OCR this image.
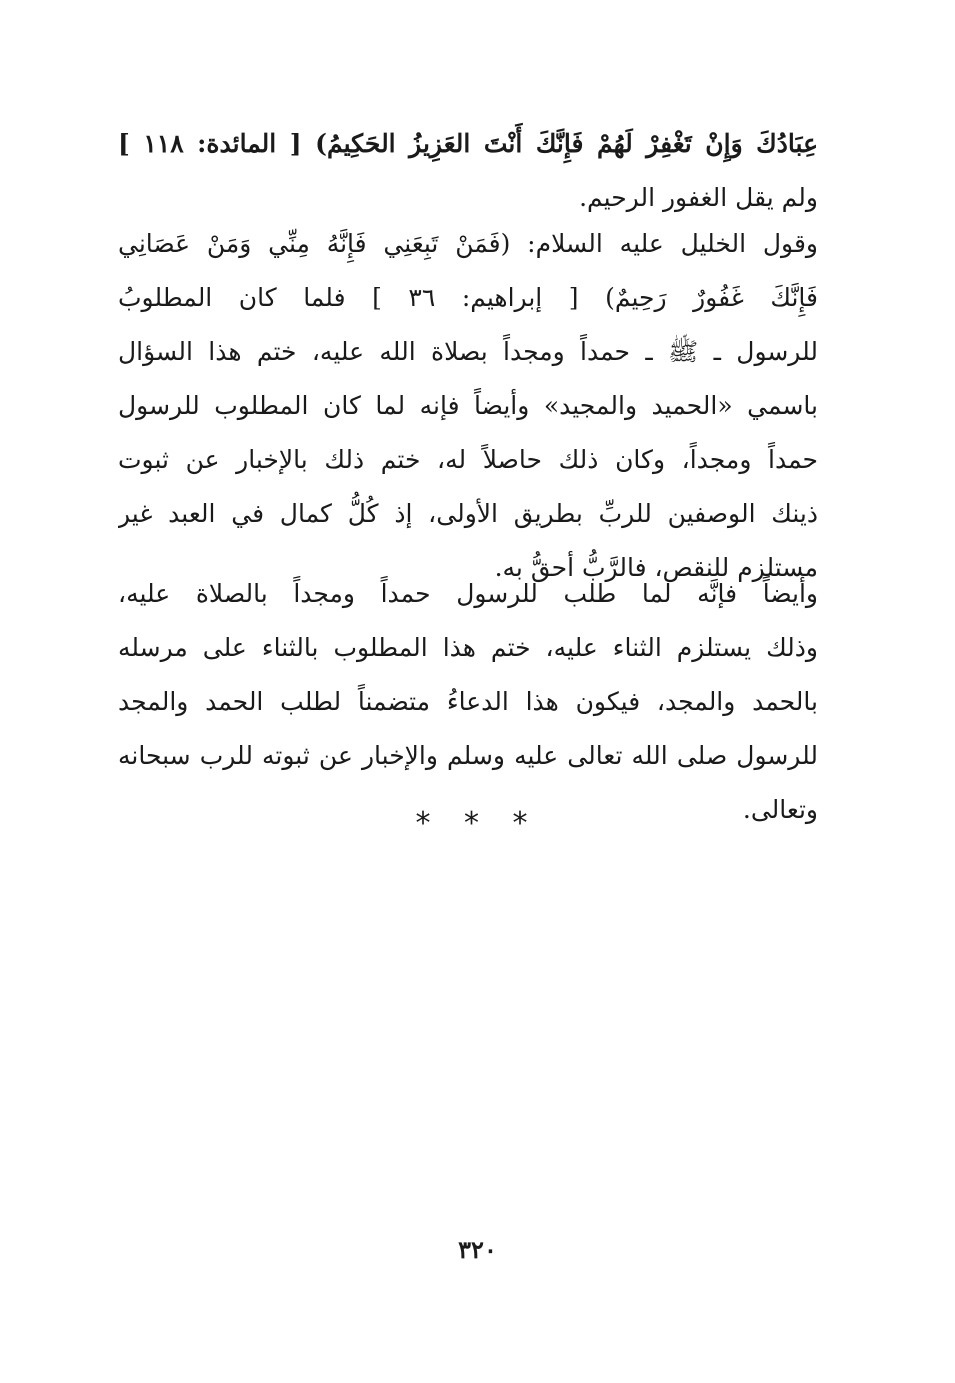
عِبَادُكَ وَإِنْ تَغْفِرْ لَهُمْ فَإِنَّكَ أَنْتَ العَزِيزُ الحَكِيمُ) [ المائدة: ١١٨ ]
ولم يقل الغفور الرحيم.
وقول الخليل عليه السلام: (فَمَنْ تَبِعَنِي فَإِنَّهُ مِنِّي وَمَنْ عَصَانِي
فَإِنَّكَ غَفُورٌ رَحِيمٌ) [ إبراهيم: ٣٦ ] فلما كان المطلوبُ
للرسول ـ ﷺ ـ حمداً ومجداً بصلاة الله عليه، ختم هذا السؤال
باسمي «الحميد والمجيد» وأيضاً فإنه لما كان المطلوب للرسول
حمداً ومجداً، وكان ذلك حاصلاً له، ختم ذلك بالإخبار عن ثبوت
ذينك الوصفين للربِّ بطريق الأولى، إذ كُلُّ كمال في العبد غير
مستلزم للنقص، فالرَّبُّ أحقُّ به.
وأيضاً فإنَّه لما طلب للرسول حمداً ومجداً بالصلاة عليه،
وذلك يستلزم الثناء عليه، ختم هذا المطلوب بالثناء على مرسله
بالحمد والمجد، فيكون هذا الدعاءُ متضمناً لطلب الحمد والمجد
للرسول صلى الله تعالى عليه وسلم والإخبار عن ثبوته للرب سبحانه
وتعالى.
* * *
٣٢٠
